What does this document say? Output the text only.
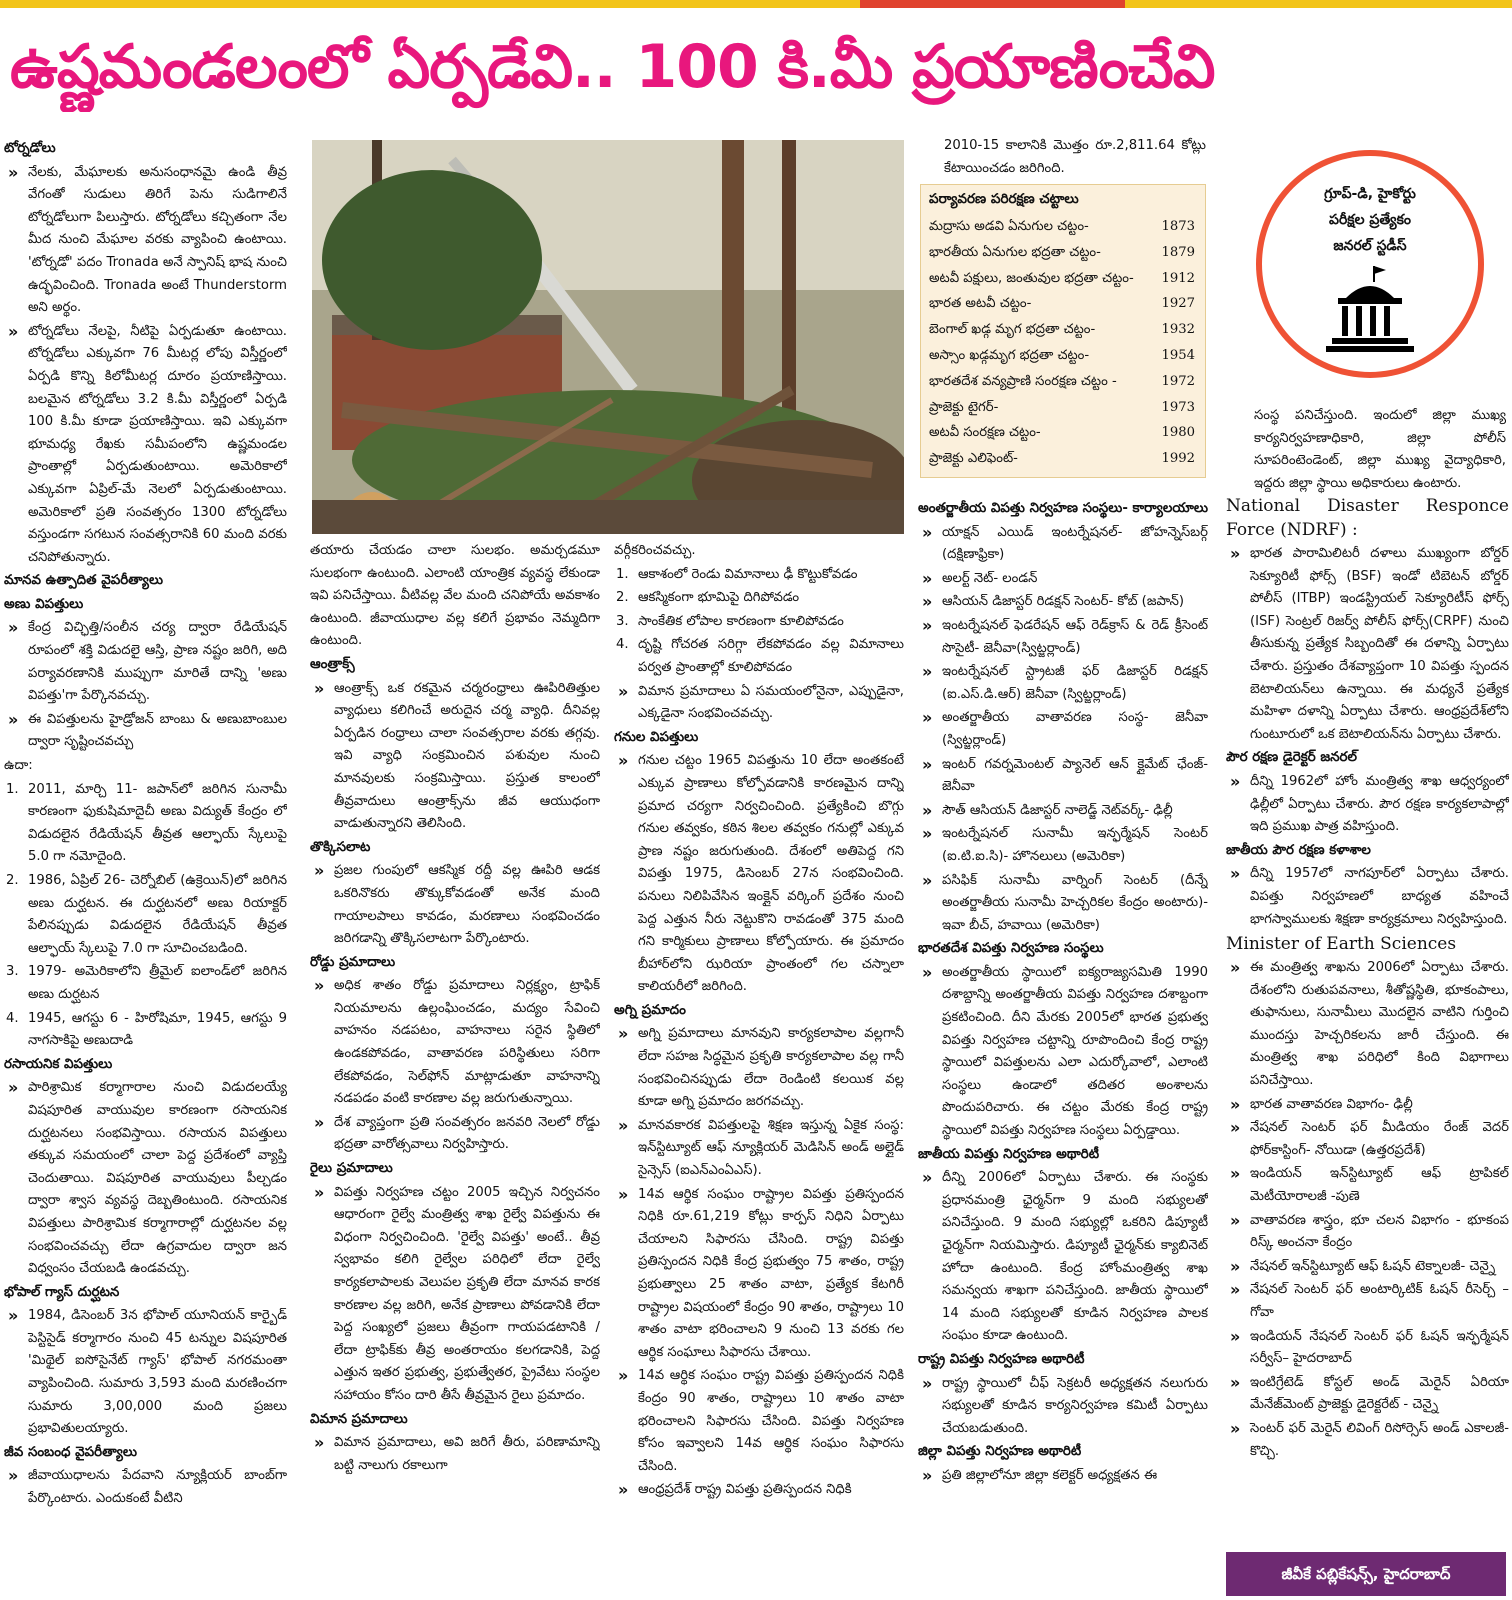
ఉష్ణమండలంలో ఏర్పడేవి.. 100 కి.మీ ప్రయాణించేవి

టోర్నడోలు

» నేలకు, మేఘాలకు అనుసంధానమై ఉండి తీవ్ర వేగంతో సుడులు తిరిగే పెను సుడిగాలినే టోర్నడోలుగా పిలుస్తారు. టోర్నడోలు కచ్చితంగా నేల మీద నుంచి మేఘాల వరకు వ్యాపించి ఉంటాయి. 'టోర్నడో' పదం Tronada అనే స్పానిష్ భాష నుంచి ఉద్భవించింది. Tronada అంటే Thunderstorm అని అర్థం.

» టోర్నడోలు నేలపై, నీటిపై ఏర్పడుతూ ఉంటాయి. టోర్నడోలు ఎక్కువగా 76 మీటర్ల లోపు విస్తీర్ణంలో ఏర్పడి కొన్ని కిలోమీటర్ల దూరం ప్రయాణిస్తాయి. బలమైన టోర్నడోలు 3.2 కి.మీ విస్తీర్ణంలో ఏర్పడి 100 కి.మీ కూడా ప్రయాణిస్తాయి. ఇవి ఎక్కువగా భూమధ్య రేఖకు సమీపంలోని ఉష్ణమండల ప్రాంతాల్లో ఏర్పడుతుంటాయి. అమెరికాలో ఎక్కువగా ఏప్రిల్-మే నెలలో ఏర్పడుతుంటాయి. అమెరికాలో ప్రతి సంవత్సరం 1300 టోర్నడోలు వస్తుండగా సగటున సంవత్సరానికి 60 మంది వరకు చనిపోతున్నారు.

మానవ ఉత్పాదిత వైపరీత్యాలు

అణు విపత్తులు

» కేంద్ర విచ్ఛిత్తి/సంలీన చర్య ద్వారా రేడియేషన్ రూపంలో శక్తి విడుదలై ఆస్తి, ప్రాణ నష్టం జరిగి, అది పర్యావరణానికి ముప్పుగా మారితే దాన్ని 'అణు విపత్తు'గా పేర్కొనవచ్చు.

» ఈ విపత్తులను హైడ్రోజన్ బాంబు & అణుబాంబుల ద్వారా సృష్టించవచ్చు

ఉదా:

1. 2011, మార్చి 11- జపాన్‌లో జరిగిన సునామీ కారణంగా ఫుకుషిమాదైచీ అణు విద్యుత్ కేంద్రం లో విడుదలైన రేడియేషన్ తీవ్రత ఆల్ఫాయ్ స్కేలుపై 5.0 గా నమోదైంది.

2. 1986, ఏప్రిల్ 26- చెర్నోబిల్ (ఉక్రెయిన్)లో జరిగిన అణు దుర్ఘటన. ఈ దుర్ఘటనలో అణు రియాక్టర్ పేలినప్పుడు విడుదలైన రేడియేషన్ తీవ్రత ఆల్ఫాయ్ స్కేలుపై 7.0 గా సూచించబడింది.

3. 1979- అమెరికాలోని త్రీమైల్ ఐలాండ్‌లో జరిగిన అణు దుర్ఘటన

4. 1945, ఆగస్టు 6 - హిరోషిమా, 1945, ఆగస్టు 9 నాగసాకిపై అణుదాడి

రసాయనిక విపత్తులు

» పారిశ్రామిక కర్మాగారాల నుంచి విడుదలయ్యే విషపూరిత వాయువుల కారణంగా రసాయనిక దుర్ఘటనలు సంభవిస్తాయి. రసాయన విపత్తులు తక్కువ సమయంలో చాలా పెద్ద ప్రదేశంలో వ్యాప్తి చెందుతాయి. విషపూరిత వాయువులు పీల్చడం ద్వారా శ్వాస వ్యవస్థ దెబ్బతింటుంది. రసాయనిక విపత్తులు పారిశ్రామిక కర్మాగారాల్లో దుర్ఘటనల వల్ల సంభవించవచ్చు లేదా ఉగ్రవాదుల ద్వారా జన విధ్వంసం చేయబడి ఉండవచ్చు.

భోపాల్ గ్యాస్ దుర్ఘటన

» 1984, డిసెంబర్ 3న భోపాల్ యూనియన్ కార్బైడ్ పెస్టిసైడ్ కర్మాగారం నుంచి 45 టన్నుల విషపూరిత 'మిథైల్ ఐసోసైనేట్ గ్యాస్' భోపాల్ నగరమంతా వ్యాపించింది. సుమారు 3,593 మంది మరణించగా సుమారు 3,00,000 మంది ప్రజలు ప్రభావితులయ్యారు.

జీవ సంబంధ వైపరీత్యాలు

» జీవాయుధాలను పేదవాని న్యూక్లియర్ బాంబ్‌గా పేర్కొంటారు. ఎందుకంటే వీటిని

తయారు చేయడం చాలా సులభం. అమర్చడమూ సులభంగా ఉంటుంది. ఎలాంటి యాంత్రిక వ్యవస్థ లేకుండా ఇవి పనిచేస్తాయి. వీటివల్ల వేల మంది చనిపోయే అవకాశం ఉంటుంది. జీవాయుధాల వల్ల కలిగే ప్రభావం నెమ్మదిగా ఉంటుంది.

ఆంత్రాక్స్

» ఆంత్రాక్స్ ఒక రకమైన చర్మరంధ్రాలు ఊపిరితిత్తుల వ్యాధులు కలిగించే అరుదైన చర్మ వ్యాధి. దీనివల్ల ఏర్పడిన రంధ్రాలు చాలా సంవత్సరాల వరకు తగ్గవు. ఇవి వ్యాధి సంక్రమించిన పశువుల నుంచి మానవులకు సంక్రమిస్తాయి. ప్రస్తుత కాలంలో తీవ్రవాదులు ఆంత్రాక్స్‌ను జీవ ఆయుధంగా వాడుతున్నారని తెలిసింది.

తొక్కిసలాట

» ప్రజల గుంపులో ఆకస్మిక రద్దీ వల్ల ఊపిరి ఆడక ఒకరినొకరు తొక్కుకోవడంతో అనేక మంది గాయాలపాలు కావడం, మరణాలు సంభవించడం జరిగడాన్ని తొక్కిసలాటగా పేర్కొంటారు.

రోడ్డు ప్రమాదాలు

» అధిక శాతం రోడ్డు ప్రమాదాలు నిర్లక్ష్యం, ట్రాఫిక్ నియమాలను ఉల్లంఘించడం, మద్యం సేవించి వాహనం నడపటం, వాహనాలు సరైన స్థితిలో ఉండకపోవడం, వాతావరణ పరిస్థితులు సరిగా లేకపోవడం, సెల్‌ఫోన్ మాట్లాడుతూ వాహనాన్ని నడపడం వంటి కారణాల వల్ల జరుగుతున్నాయి.

» దేశ వ్యాప్తంగా ప్రతి సంవత్సరం జనవరి నెలలో రోడ్డు భద్రతా వారోత్సవాలు నిర్వహిస్తారు.

రైలు ప్రమాదాలు

» విపత్తు నిర్వహణ చట్టం 2005 ఇచ్చిన నిర్వచనం ఆధారంగా రైల్వే మంత్రిత్వ శాఖ రైల్వే విపత్తును ఈ విధంగా నిర్వచించింది. 'రైల్వే విపత్తు' అంటే.. తీవ్ర స్వభావం కలిగి రైల్వేల పరిధిలో లేదా రైల్వే కార్యకలాపాలకు వెలుపల ప్రకృతి లేదా మానవ కారక కారణాల వల్ల జరిగి, అనేక ప్రాణాలు పోవడానికి లేదా పెద్ద సంఖ్యలో ప్రజలు తీవ్రంగా గాయపడటానికి / లేదా ట్రాఫిక్‌కు తీవ్ర అంతరాయం కలగడానికి, పెద్ద ఎత్తున ఇతర ప్రభుత్వ, ప్రభుత్వేతర, ప్రైవేటు సంస్థల సహాయం కోసం దారి తీసే తీవ్రమైన రైలు ప్రమాదం.

విమాన ప్రమాదాలు

» విమాన ప్రమాదాలు, అవి జరిగే తీరు, పరిణామాన్ని బట్టి నాలుగు రకాలుగా

వర్గీకరించవచ్చు.

1. ఆకాశంలో రెండు విమానాలు ఢీ కొట్టుకోవడం

2. ఆకస్మికంగా భూమిపై దిగిపోవడం

3. సాంకేతిక లోపాల కారణంగా కూలిపోవడం

4. దృష్టి గోచరత సరిగ్గా లేకపోవడం వల్ల విమానాలు పర్వత ప్రాంతాల్లో కూలిపోవడం

» విమాన ప్రమాదాలు ఏ సమయంలోనైనా, ఎప్పుడైనా, ఎక్కడైనా సంభవించవచ్చు.

గనుల విపత్తులు

» గనుల చట్టం 1965 విపత్తును 10 లేదా అంతకంటే ఎక్కువ ప్రాణాలు కోల్పోవడానికి కారణమైన దాన్ని ప్రమాద చర్యగా నిర్వచించింది. ప్రత్యేకించి బొగ్గు గనుల తవ్వకం, కఠిన శిలల తవ్వకం గనుల్లో ఎక్కువ ప్రాణ నష్టం జరుగుతుంది. దేశంలో అతిపెద్ద గని విపత్తు 1975, డిసెంబర్ 27న సంభవించింది. పనులు నిలిపివేసిన ఇంక్లైన్ వర్కింగ్ ప్రదేశం నుంచి పెద్ద ఎత్తున నీరు నెట్టుకొని రావడంతో 375 మంది గని కార్మికులు ప్రాణాలు కోల్పోయారు. ఈ ప్రమాదం బీహార్‌లోని ఝరియా ప్రాంతంలో గల చస్నాలా కాలియరీలో జరిగింది.

అగ్ని ప్రమాదం

» అగ్ని ప్రమాదాలు మానవుని కార్యకలాపాల వల్లగానీ లేదా సహజ సిద్ధమైన ప్రకృతి కార్యకలాపాల వల్ల గానీ సంభవించినప్పుడు లేదా రెండింటి కలయిక వల్ల కూడా అగ్ని ప్రమాదం జరగవచ్చు.

» మానవకారక విపత్తులపై శిక్షణ ఇస్తున్న ఏకైక సంస్థ: ఇన్‌స్టిట్యూట్ ఆఫ్ న్యూక్లియర్ మెడిసిన్ అండ్ అల్లైడ్ సైన్సెస్ (ఐఎన్‌ఎంఏఎస్).

» 14వ ఆర్థిక సంఘం రాష్ట్రాల విపత్తు ప్రతిస్పందన నిధికి రూ.61,219 కోట్లు కార్పస్ నిధిని ఏర్పాటు చేయాలని సిఫారసు చేసింది. రాష్ట్ర విపత్తు ప్రతిస్పందన నిధికి కేంద్ర ప్రభుత్వం 75 శాతం, రాష్ట్ర ప్రభుత్వాలు 25 శాతం వాటా, ప్రత్యేక కేటగిరీ రాష్ట్రాల విషయంలో కేంద్రం 90 శాతం, రాష్ట్రాలు 10 శాతం వాటా భరించాలని 9 నుంచి 13 వరకు గల ఆర్థిక సంఘాలు సిఫారసు చేశాయి.

» 14వ ఆర్థిక సంఘం రాష్ట్ర విపత్తు ప్రతిస్పందన నిధికి కేంద్రం 90 శాతం, రాష్ట్రాలు 10 శాతం వాటా భరించాలని సిఫారసు చేసింది. విపత్తు నిర్వహణ కోసం ఇవ్వాలని 14వ ఆర్థిక సంఘం సిఫారసు చేసింది.

» ఆంధ్రప్రదేశ్ రాష్ట్ర విపత్తు ప్రతిస్పందన నిధికి

2010-15 కాలానికి మొత్తం రూ.2,811.64 కోట్లు కేటాయించడం జరిగింది.

పర్యావరణ పరిరక్షణ చట్టాలు
మద్రాసు అడవి ఏనుగుల చట్టం-	1873
భారతీయ ఏనుగుల భద్రతా చట్టం-	1879
అటవీ పక్షులు, జంతువుల భద్రతా చట్టం- 1912
భారత అటవీ చట్టం-	1927
బెంగాల్ ఖడ్గ మృగ భద్రతా చట్టం-	1932
అస్సాం ఖడ్గమృగ భద్రతా చట్టం-	1954
భారతదేశ వన్యప్రాణి సంరక్షణ చట్టం -	1972
ప్రాజెక్టు టైగర్-	1973
అటవీ సంరక్షణ చట్టం-	1980
ప్రాజెక్టు ఎలిఫెంట్-	1992

అంతర్జాతీయ విపత్తు నిర్వహణ సంస్థలు- కార్యాలయాలు

» యాక్షన్ ఎయిడ్ ఇంటర్నేషనల్- జోహన్నెస్‌బర్గ్ (దక్షిణాఫ్రికా)

» అలర్ట్ నెట్- లండన్

» ఆసియన్ డిజాస్టర్ రిడక్షన్ సెంటర్- కోబ్ (జపాన్)

» ఇంటర్నేషనల్ ఫెడరేషన్ ఆఫ్ రెడ్‌క్రాస్ & రెడ్ క్రీసెంట్ సొసైటీ- జెనీవా(స్విట్జర్లాండ్)

» ఇంటర్నేషనల్ స్ట్రాటజీ ఫర్ డిజాస్టర్ రిడక్షన్ (ఐ.ఎస్.డి.ఆర్) జెనీవా (స్విట్జర్లాండ్)

» అంతర్జాతీయ వాతావరణ సంస్థ- జెనీవా (స్విట్జర్లాండ్)

» ఇంటర్ గవర్నమెంటల్ ప్యానెల్ ఆన్ క్లైమేట్ ఛేంజ్- జెనీవా

» సౌత్ ఆసియన్ డిజాస్టర్ నాలెడ్జ్ నెట్‌వర్క్- ఢిల్లీ

» ఇంటర్నేషనల్ సునామీ ఇన్ఫర్మేషన్ సెంటర్ (ఐ.టి.ఐ.సి)- హొనలులు (అమెరికా)

» పసిఫిక్ సునామీ వార్నింగ్ సెంటర్ (దీన్నే అంతర్జాతీయ సునామీ హెచ్చరికల కేంద్రం అంటారు)- ఇవా బీచ్, హవాయి (అమెరికా)

భారతదేశ విపత్తు నిర్వహణ సంస్థలు

» అంతర్జాతీయ స్థాయిలో ఐక్యరాజ్యసమితి 1990 దశాబ్దాన్ని అంతర్జాతీయ విపత్తు నిర్వహణ దశాబ్దంగా ప్రకటించింది. దీని మేరకు 2005లో భారత ప్రభుత్వ విపత్తు నిర్వహణ చట్టాన్ని రూపొందించి కేంద్ర రాష్ట్ర స్థాయిలో విపత్తులను ఎలా ఎదుర్కోవాలో, ఎలాంటి సంస్థలు ఉండాలో తదితర అంశాలను పొందుపరిచారు. ఈ చట్టం మేరకు కేంద్ర రాష్ట్ర స్థాయిలో విపత్తు నిర్వహణ సంస్థలు ఏర్పడ్డాయి.

జాతీయ విపత్తు నిర్వహణ అథారిటీ

» దీన్ని 2006లో ఏర్పాటు చేశారు. ఈ సంస్థకు ప్రధానమంత్రి ఛైర్మన్‌గా 9 మంది సభ్యులతో పనిచేస్తుంది. 9 మంది సభ్యుల్లో ఒకరిని డిప్యూటీ ఛైర్మన్‌గా నియమిస్తారు. డిప్యూటీ ఛైర్మన్‌కు క్యాబినెట్ హోదా ఉంటుంది. కేంద్ర హోంమంత్రిత్వ శాఖ సమన్వయ శాఖగా పనిచేస్తుంది. జాతీయ స్థాయిలో 14 మంది సభ్యులతో కూడిన నిర్వహణ పాలక సంఘం కూడా ఉంటుంది.

రాష్ట్ర విపత్తు నిర్వహణ అథారిటీ

» రాష్ట్ర స్థాయిలో చీఫ్ సెక్రటరీ అధ్యక్షతన నలుగురు సభ్యులతో కూడిన కార్యనిర్వహణ కమిటీ ఏర్పాటు చేయబడుతుంది.

జిల్లా విపత్తు నిర్వహణ అథారిటీ

» ప్రతి జిల్లాలోనూ జిల్లా కలెక్టర్ అధ్యక్షతన ఈ

గ్రూప్-డి, హైకోర్టు
పరీక్షల ప్రత్యేకం
జనరల్ స్టడీస్

సంస్థ పనిచేస్తుంది. ఇందులో జిల్లా ముఖ్య కార్యనిర్వహణాధికారి, జిల్లా పోలీస్ సూపరింటెండెంట్, జిల్లా ముఖ్య వైద్యాధికారి, ఇద్దరు జిల్లా స్థాయి అధికారులు ఉంటారు.

National Disaster Responce Force (NDRF) :

» భారత పారామిలిటరీ దళాలు ముఖ్యంగా బోర్డర్ సెక్యూరిటీ ఫోర్స్ (BSF) ఇండో టిబెటన్ బోర్డర్ పోలీస్ (ITBP) ఇండస్ట్రియల్ సెక్యూరిటీస్ ఫోర్స్ (ISF) సెంట్రల్ రిజర్వ్ పోలీస్ ఫోర్స్(CRPF) నుంచి తీసుకున్న ప్రత్యేక సిబ్బందితో ఈ దళాన్ని ఏర్పాటు చేశారు. ప్రస్తుతం దేశవ్యాప్తంగా 10 విపత్తు స్పందన బెటాలియన్‌లు ఉన్నాయి. ఈ మధ్యనే ప్రత్యేక మహిళా దళాన్ని ఏర్పాటు చేశారు. ఆంధ్రప్రదేశ్‌లోని గుంటూరులో ఒక బెటాలియన్‌ను ఏర్పాటు చేశారు.

పౌర రక్షణ డైరెక్టర్ జనరల్

» దీన్ని 1962లో హోం మంత్రిత్వ శాఖ ఆధ్వర్యంలో ఢిల్లీలో ఏర్పాటు చేశారు. పౌర రక్షణ కార్యకలాపాల్లో ఇది ప్రముఖ పాత్ర వహిస్తుంది.

జాతీయ పౌర రక్షణ కళాశాల

» దీన్ని 1957లో నాగపూర్‌లో ఏర్పాటు చేశారు. విపత్తు నిర్వహణలో బాధ్యత వహించే భాగస్వాములకు శిక్షణా కార్యక్రమాలు నిర్వహిస్తుంది.

Minister of Earth Sciences

» ఈ మంత్రిత్వ శాఖను 2006లో ఏర్పాటు చేశారు. దేశంలోని రుతుపవనాలు, శీతోష్ణస్థితి, భూకంపాలు, తుఫానులు, సునామీలు మొదలైన వాటిని గుర్తించి ముందస్తు హెచ్చరికలను జారీ చేస్తుంది. ఈ మంత్రిత్వ శాఖ పరిధిలో కింది విభాగాలు పనిచేస్తాయి.

» భారత వాతావరణ విభాగం- ఢిల్లీ

» నేషనల్ సెంటర్ ఫర్ మీడియం రేంజ్ వెదర్ ఫోర్‌కాస్టింగ్- నోయిడా (ఉత్తరప్రదేశ్)

» ఇండియన్ ఇన్‌స్టిట్యూట్ ఆఫ్ ట్రాపికల్ మెటీయోరాలజీ -పుణె

» వాతావరణ శాస్త్రం, భూ చలన విభాగం - భూకంప రిస్క్ అంచనా కేంద్రం

» నేషనల్ ఇన్‌స్టిట్యూట్ ఆఫ్ ఓషన్ టెక్నాలజీ- చెన్నై

» నేషనల్ సెంటర్ ఫర్ అంటార్కిటిక్ ఓషన్ రీసెర్చ్ –గోవా

» ఇండియన్ నేషనల్ సెంటర్ ఫర్ ఓషన్ ఇన్ఫర్మేషన్ సర్వీస్– హైదరాబాద్

» ఇంటిగ్రేటెడ్ కోస్టల్ అండ్ మెరైన్ ఏరియా మేనేజ్‌మెంట్ ప్రాజెక్టు డైరెక్టరేట్ - చెన్నై

» సెంటర్ ఫర్ మెరైన్ లివింగ్ రిసోర్సెస్ అండ్ ఎకాలజీ- కొచ్చి.

జీవీకే పబ్లికేషన్స్, హైదరాబాద్
